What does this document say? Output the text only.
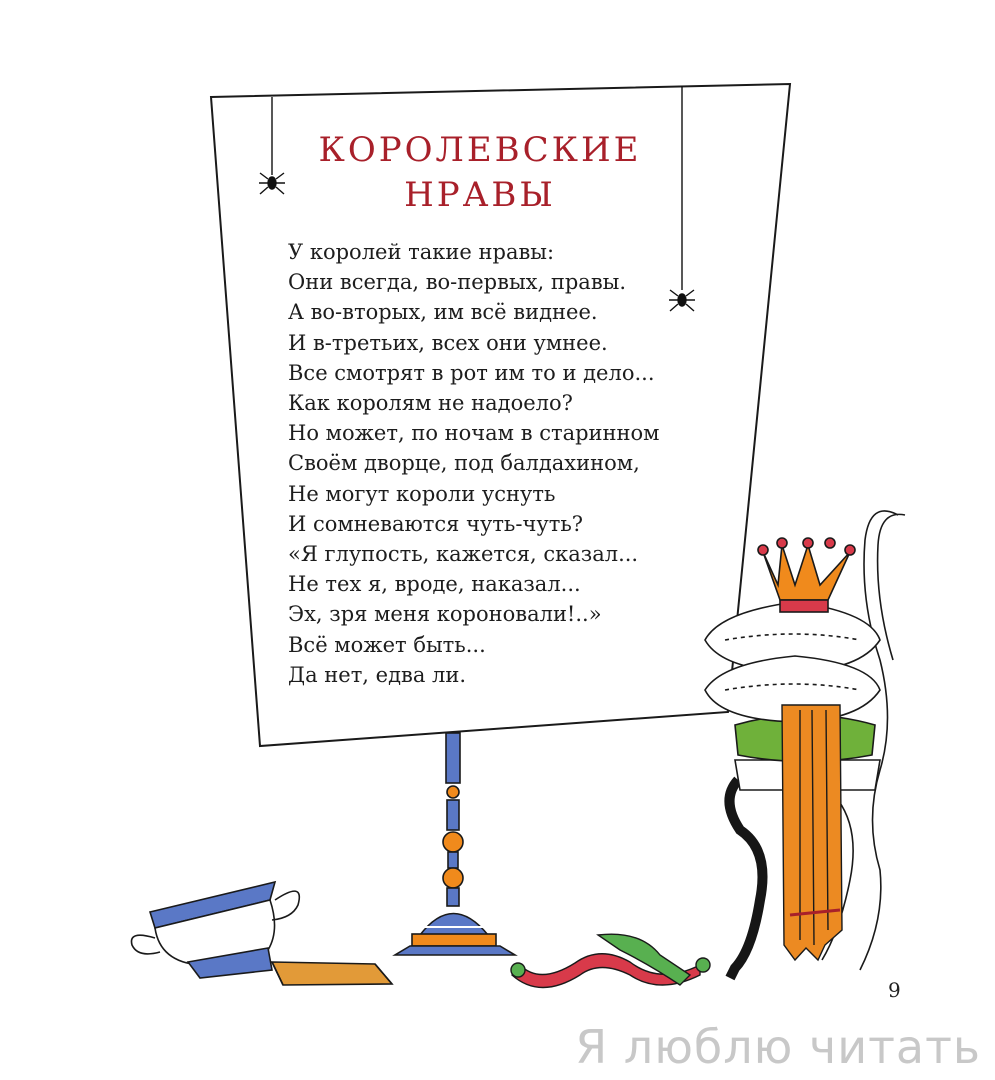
КОРОЛЕВСКИЕ
НРАВЫ
У королей такие нравы:
Они всегда, во-первых, правы.
А во-вторых, им всё виднее.
И в-третьих, всех они умнее.
Все смотрят в рот им то и дело...
Как королям не надоело?
Но может, по ночам в старинном
Своём дворце, под балдахином,
Не могут короли уснуть
И сомневаются чуть-чуть?
«Я глупость, кажется, сказал...
Не тех я, вроде, наказал...
Эх, зря меня короновали!..»
Всё может быть...
Да нет, едва ли.
9
Я люблю читать
